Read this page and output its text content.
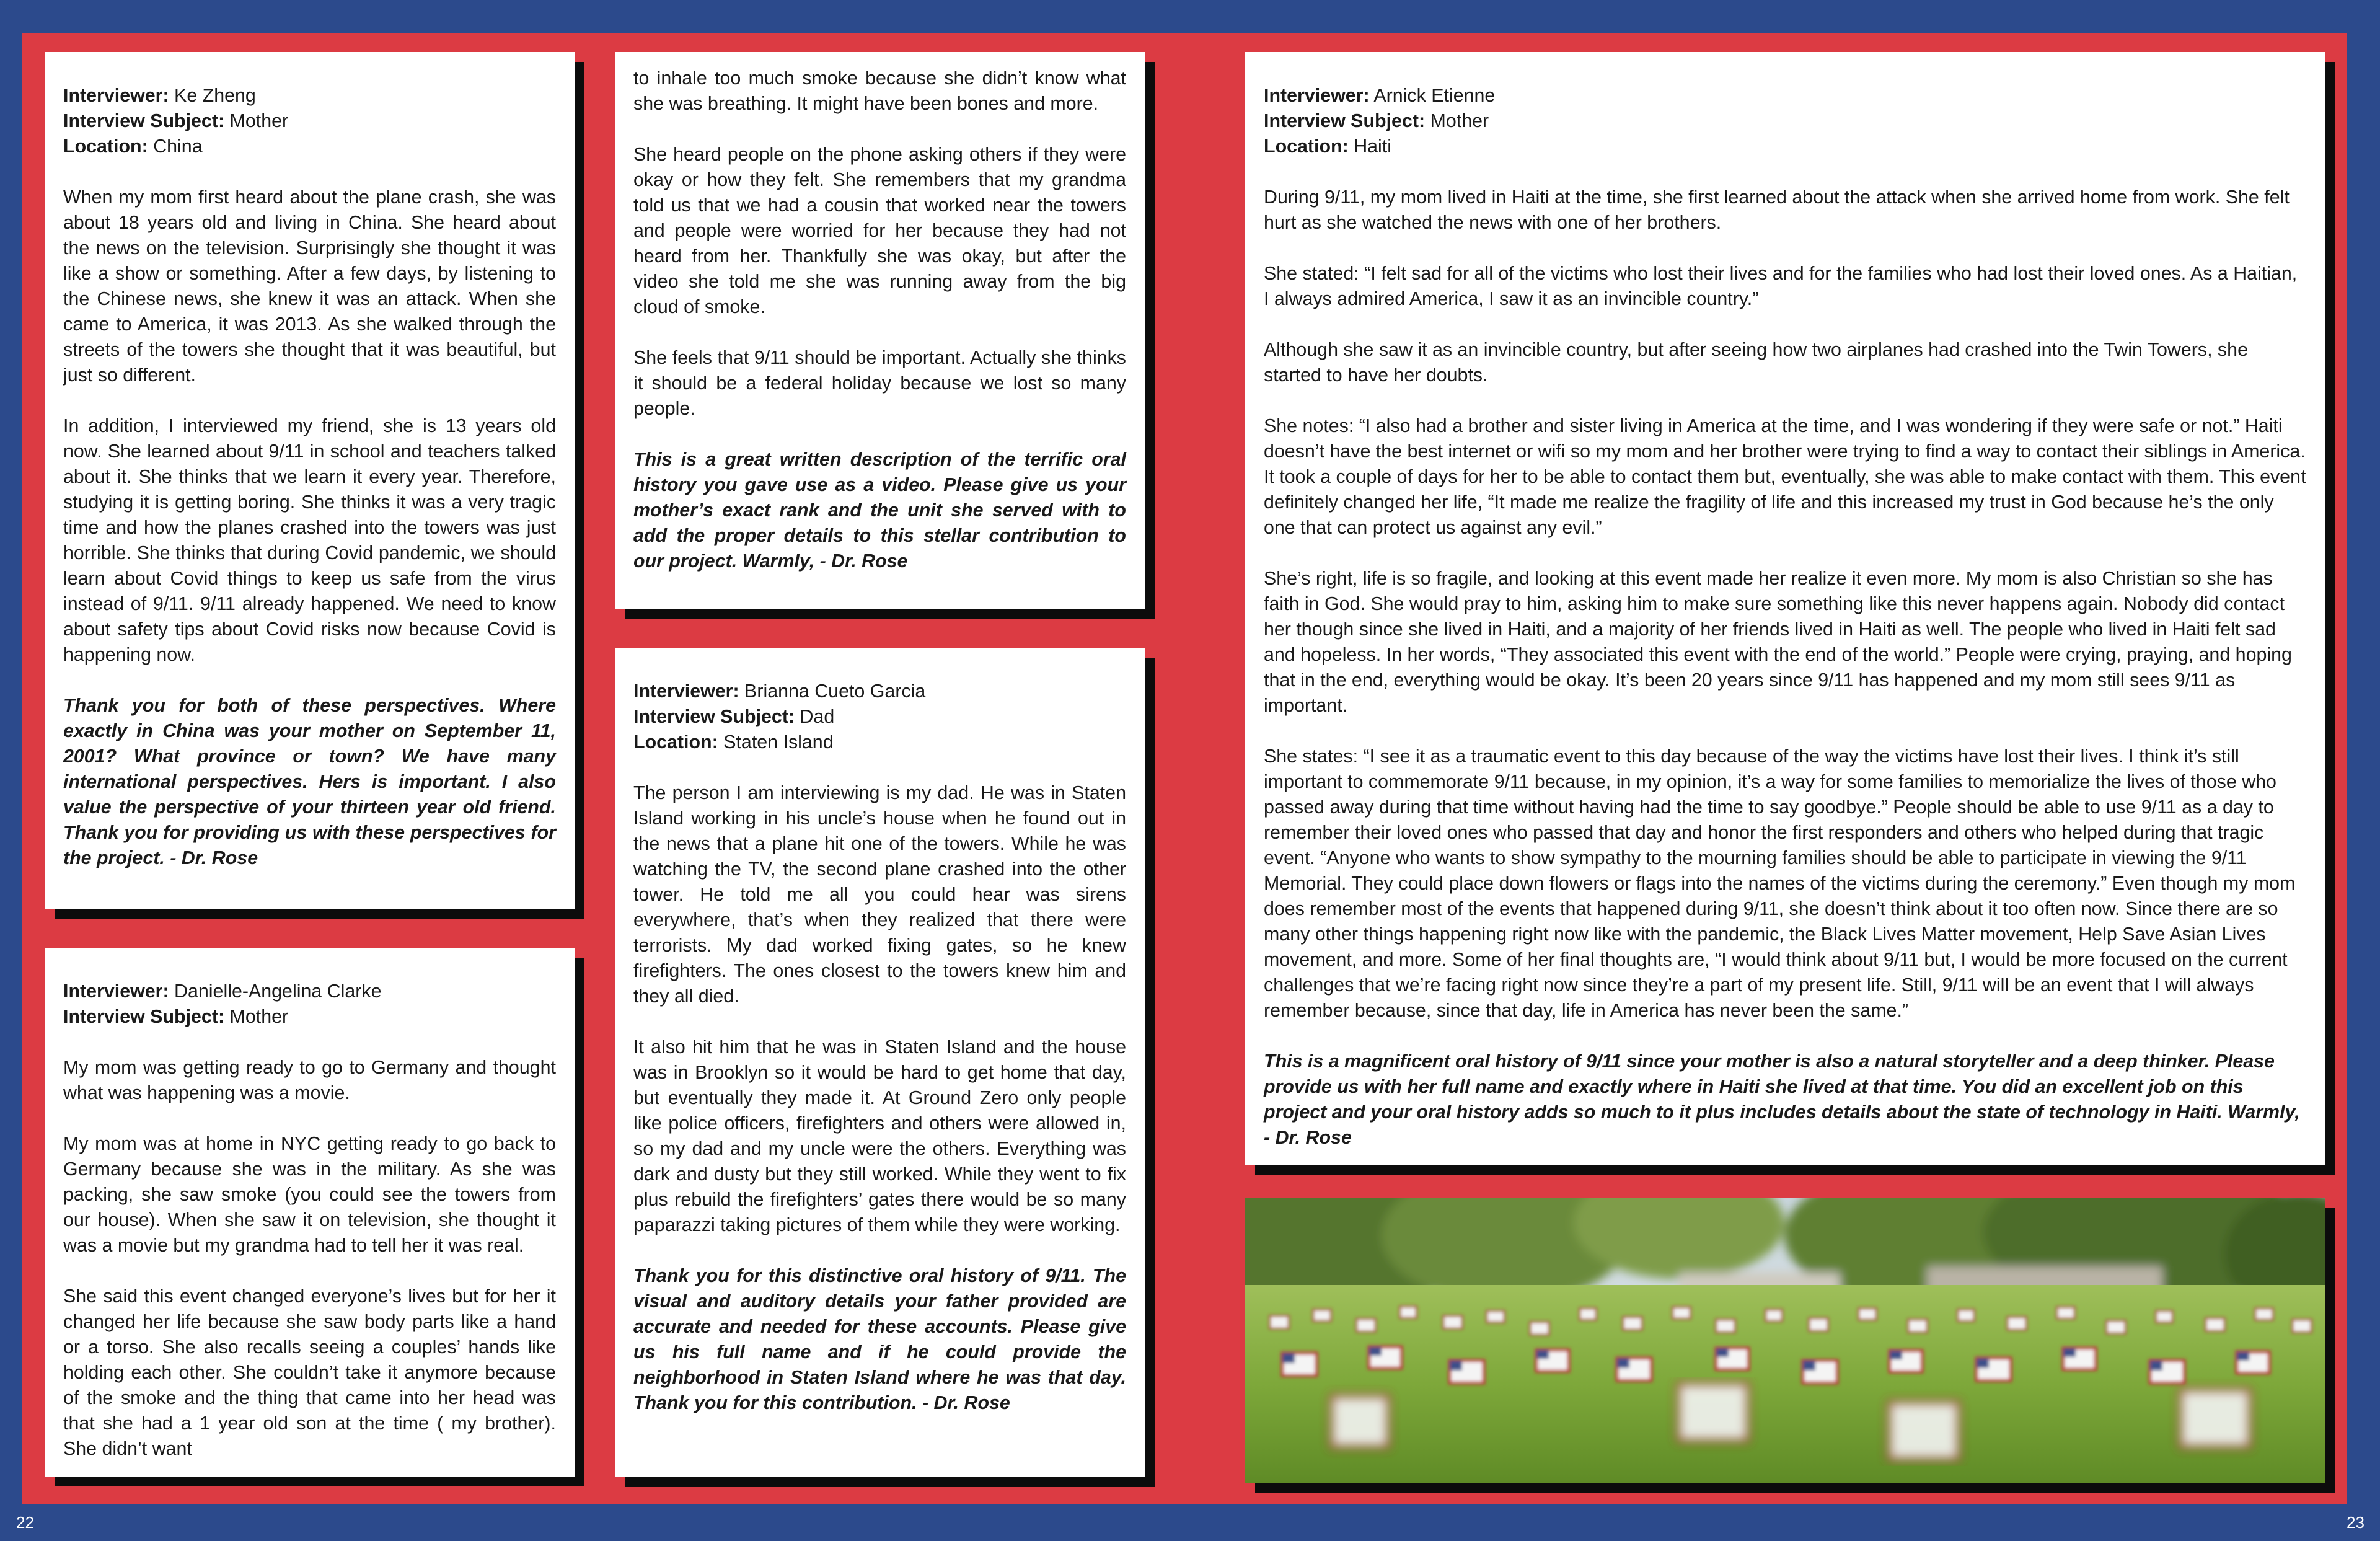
Interviewer: Ke Zheng
Interview Subject: Mother
Location: China

When my mom first heard about the plane crash, she was about 18 years old and living in China. She heard about the news on the television. Surprisingly she thought it was like a show or something. After a few days, by listening to the Chinese news, she knew it was an attack. When she came to America, it was 2013. As she walked through the streets of the towers she thought that it was beautiful, but just so different.

In addition, I interviewed my friend, she is 13 years old now. She learned about 9/11 in school and teachers talked about it. She thinks that we learn it every year. Therefore, studying it is getting boring. She thinks it was a very tragic time and how the planes crashed into the towers was just horrible. She thinks that during Covid pandemic, we should learn about Covid things to keep us safe from the virus instead of 9/11. 9/11 already happened. We need to know about safety tips about Covid risks now because Covid is happening now.

Thank you for both of these perspectives. Where exactly in China was your mother on September 11, 2001? What province or town? We have many international perspectives. Hers is important. I also value the perspective of your thirteen year old friend. Thank you for providing us with these perspectives for the project. - Dr. Rose

Interviewer: Danielle-Angelina Clarke
Interview Subject: Mother

My mom was getting ready to go to Germany and thought what was happening was a movie.

My mom was at home in NYC getting ready to go back to Germany because she was in the military. As she was packing, she saw smoke (you could see the towers from our house). When she saw it on television, she thought it was a movie but my grandma had to tell her it was real.

She said this event changed everyone’s lives but for her it changed her life because she saw body parts like a hand or a torso. She also recalls seeing a couples’ hands like holding each other. She couldn’t take it anymore because of the smoke and the thing that came into her head was that she had a 1 year old son at the time ( my brother). She didn’t want

to inhale too much smoke because she didn’t know what she was breathing. It might have been bones and more.

She heard people on the phone asking others if they were okay or how they felt. She remembers that my grandma told us that we had a cousin that worked near the towers and people were worried for her because they had not heard from her. Thankfully she was okay, but after the video she told me she was running away from the big cloud of smoke.

She feels that 9/11 should be important. Actually she thinks it should be a federal holiday because we lost so many people.

This is a great written description of the terrific oral history you gave use as a video. Please give us your mother’s exact rank and the unit she served with to add the proper details to this stellar contribution to our project. Warmly, - Dr. Rose

Interviewer: Brianna Cueto Garcia
Interview Subject: Dad
Location: Staten Island

The person I am interviewing is my dad. He was in Staten Island working in his uncle’s house when he found out in the news that a plane hit one of the towers. While he was watching the TV, the second plane crashed into the other tower. He told me all you could hear was sirens everywhere, that’s when they realized that there were terrorists. My dad worked fixing gates, so he knew firefighters. The ones closest to the towers knew him and they all died.

It also hit him that he was in Staten Island and the house was in Brooklyn so it would be hard to get home that day, but eventually they made it. At Ground Zero only people like police officers, firefighters and others were allowed in, so my dad and my uncle were the others. Everything was dark and dusty but they still worked. While they went to fix plus rebuild the firefighters’ gates there would be so many paparazzi taking pictures of them while they were working.

Thank you for this distinctive oral history of 9/11. The visual and auditory details your father provided are accurate and needed for these accounts. Please give us his full name and if he could provide the neighborhood in Staten Island where he was that day. Thank you for this contribution. - Dr. Rose

Interviewer: Arnick Etienne
Interview Subject: Mother
Location: Haiti

During 9/11, my mom lived in Haiti at the time, she first learned about the attack when she arrived home from work. She felt hurt as she watched the news with one of her brothers.

She stated: “I felt sad for all of the victims who lost their lives and for the families who had lost their loved ones. As a Haitian, I always admired America, I saw it as an invincible country.”

Although she saw it as an invincible country, but after seeing how two airplanes had crashed into the Twin Towers, she started to have her doubts.

She notes: “I also had a brother and sister living in America at the time, and I was wondering if they were safe or not.” Haiti doesn’t have the best internet or wifi so my mom and her brother were trying to find a way to contact their siblings in America. It took a couple of days for her to be able to contact them but, eventually, she was able to make contact with them. This event definitely changed her life, “It made me realize the fragility of life and this increased my trust in God because he’s the only one that can protect us against any evil.”

She’s right, life is so fragile, and looking at this event made her realize it even more. My mom is also Christian so she has faith in God. She would pray to him, asking him to make sure something like this never happens again. Nobody did contact her though since she lived in Haiti, and a majority of her friends lived in Haiti as well. The people who lived in Haiti felt sad and hopeless. In her words, “They associated this event with the end of the world.” People were crying, praying, and hoping that in the end, everything would be okay. It’s been 20 years since 9/11 has happened and my mom still sees 9/11 as important.

She states: “I see it as a traumatic event to this day because of the way the victims have lost their lives. I think it’s still important to commemorate 9/11 because, in my opinion, it’s a way for some families to memorialize the lives of those who passed away during that time without having had the time to say goodbye.” People should be able to use 9/11 as a day to remember their loved ones who passed that day and honor the first responders and others who helped during that tragic event. “Anyone who wants to show sympathy to the mourning families should be able to participate in viewing the 9/11 Memorial. They could place down flowers or flags into the names of the victims during the ceremony.” Even though my mom does remember most of the events that happened during 9/11, she doesn’t think about it too often now. Since there are so many other things happening right now like with the pandemic, the Black Lives Matter movement, Help Save Asian Lives movement, and more. Some of her final thoughts are, “I would think about 9/11 but, I would be more focused on the current challenges that we’re facing right now since they’re a part of my present life. Still, 9/11 will be an event that I will always remember because, since that day, life in America has never been the same.”

This is a magnificent oral history of 9/11 since your mother is also a natural storyteller and a deep thinker. Please provide us with her full name and exactly where in Haiti she lived at that time. You did an excellent job on this project and your oral history adds so much to it plus includes details about the state of technology in Haiti. Warmly, - Dr. Rose

22	23
